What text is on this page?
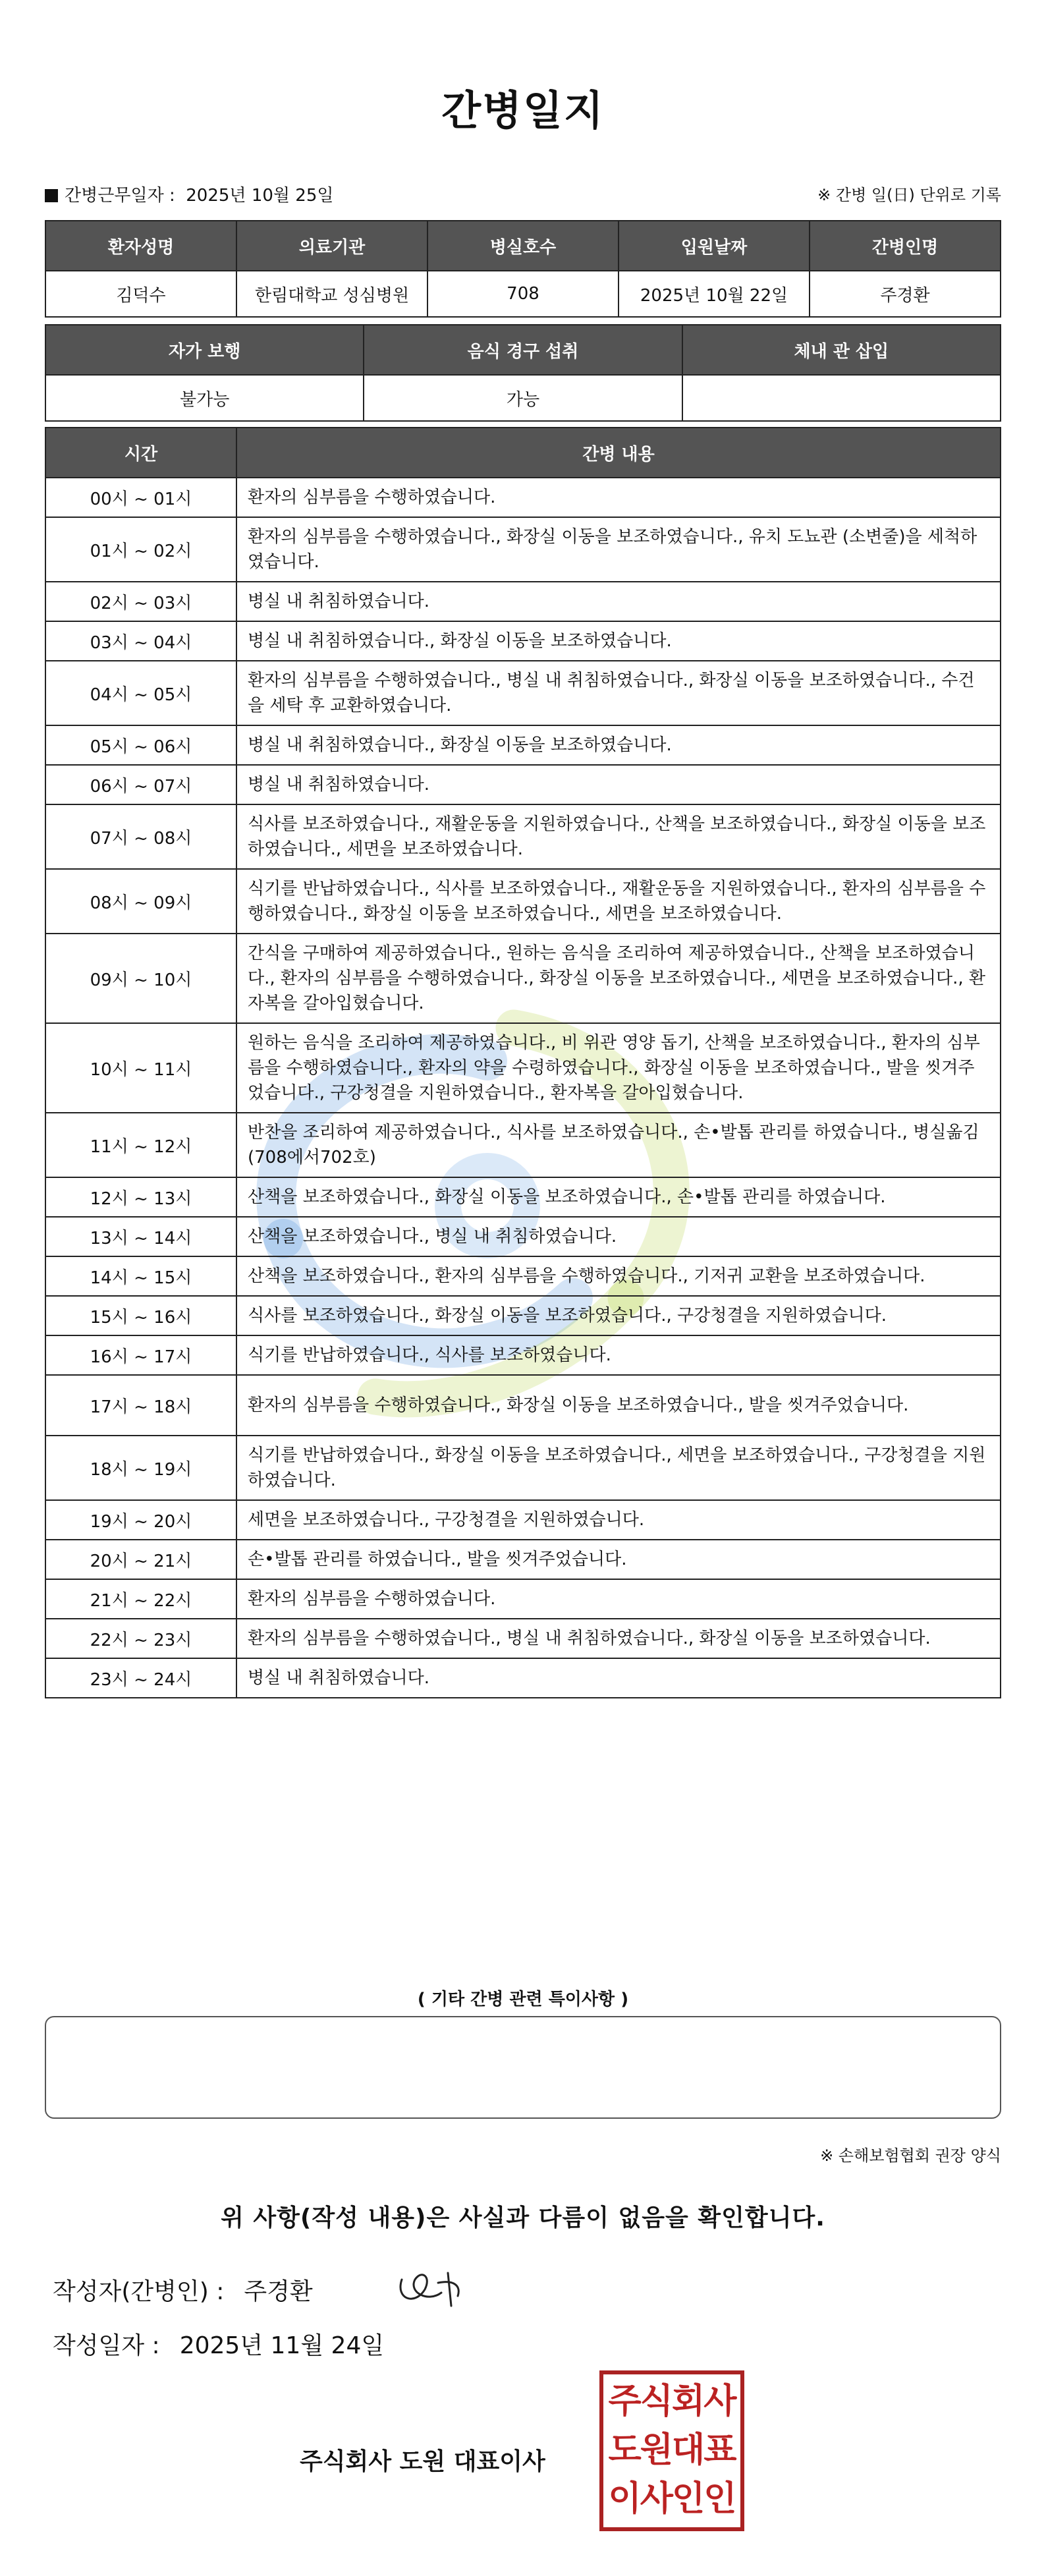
간병일지
간병근무일자 : 2025년 10월 25일	※ 간병 일(日) 단위로 기록
환자성명	의료기관	병실호수	입원날짜	간병인명
김덕수	한림대학교 성심병원	708	2025년 10월 22일	주경환
자가 보행	음식 경구 섭취	체내 관 삽입
불가능	가능	
시간	간병 내용
00시 ~ 01시	환자의 심부름을 수행하였습니다.
01시 ~ 02시	환자의 심부름을 수행하였습니다., 화장실 이동을 보조하였습니다., 유치 도뇨관 (소변줄)을 세척하였습니다.
02시 ~ 03시	병실 내 취침하였습니다.
03시 ~ 04시	병실 내 취침하였습니다., 화장실 이동을 보조하였습니다.
04시 ~ 05시	환자의 심부름을 수행하였습니다., 병실 내 취침하였습니다., 화장실 이동을 보조하였습니다., 수건을 세탁 후 교환하였습니다.
05시 ~ 06시	병실 내 취침하였습니다., 화장실 이동을 보조하였습니다.
06시 ~ 07시	병실 내 취침하였습니다.
07시 ~ 08시	식사를 보조하였습니다., 재활운동을 지원하였습니다., 산책을 보조하였습니다., 화장실 이동을 보조하였습니다., 세면을 보조하였습니다.
08시 ~ 09시	식기를 반납하였습니다., 식사를 보조하였습니다., 재활운동을 지원하였습니다., 환자의 심부름을 수행하였습니다., 화장실 이동을 보조하였습니다., 세면을 보조하였습니다.
09시 ~ 10시	간식을 구매하여 제공하였습니다., 원하는 음식을 조리하여 제공하였습니다., 산책을 보조하였습니다., 환자의 심부름을 수행하였습니다., 화장실 이동을 보조하였습니다., 세면을 보조하였습니다., 환자복을 갈아입혔습니다.
10시 ~ 11시	원하는 음식을 조리하여 제공하였습니다., 비 위관 영양 돕기, 산책을 보조하였습니다., 환자의 심부름을 수행하였습니다., 환자의 약을 수령하였습니다., 화장실 이동을 보조하였습니다., 발을 씻겨주었습니다., 구강청결을 지원하였습니다., 환자복을 갈아입혔습니다.
11시 ~ 12시	반찬을 조리하여 제공하였습니다., 식사를 보조하였습니다., 손•발톱 관리를 하였습니다., 병실옮김(708에서702호)
12시 ~ 13시	산책을 보조하였습니다., 화장실 이동을 보조하였습니다., 손•발톱 관리를 하였습니다.
13시 ~ 14시	산책을 보조하였습니다., 병실 내 취침하였습니다.
14시 ~ 15시	산책을 보조하였습니다., 환자의 심부름을 수행하였습니다., 기저귀 교환을 보조하였습니다.
15시 ~ 16시	식사를 보조하였습니다., 화장실 이동을 보조하였습니다., 구강청결을 지원하였습니다.
16시 ~ 17시	식기를 반납하였습니다., 식사를 보조하였습니다.
17시 ~ 18시	환자의 심부름을 수행하였습니다., 화장실 이동을 보조하였습니다., 발을 씻겨주었습니다.
18시 ~ 19시	식기를 반납하였습니다., 화장실 이동을 보조하였습니다., 세면을 보조하였습니다., 구강청결을 지원하였습니다.
19시 ~ 20시	세면을 보조하였습니다., 구강청결을 지원하였습니다.
20시 ~ 21시	손•발톱 관리를 하였습니다., 발을 씻겨주었습니다.
21시 ~ 22시	환자의 심부름을 수행하였습니다.
22시 ~ 23시	환자의 심부름을 수행하였습니다., 병실 내 취침하였습니다., 화장실 이동을 보조하였습니다.
23시 ~ 24시	병실 내 취침하였습니다.
( 기타 간병 관련 특이사항 )
※ 손해보험협회 권장 양식
위 사항(작성 내용)은 사실과 다름이 없음을 확인합니다.
작성자(간병인) : 주경환
작성일자 : 2025년 11월 24일
주식회사 도원 대표이사
주식회사
도원대표
이사인인
